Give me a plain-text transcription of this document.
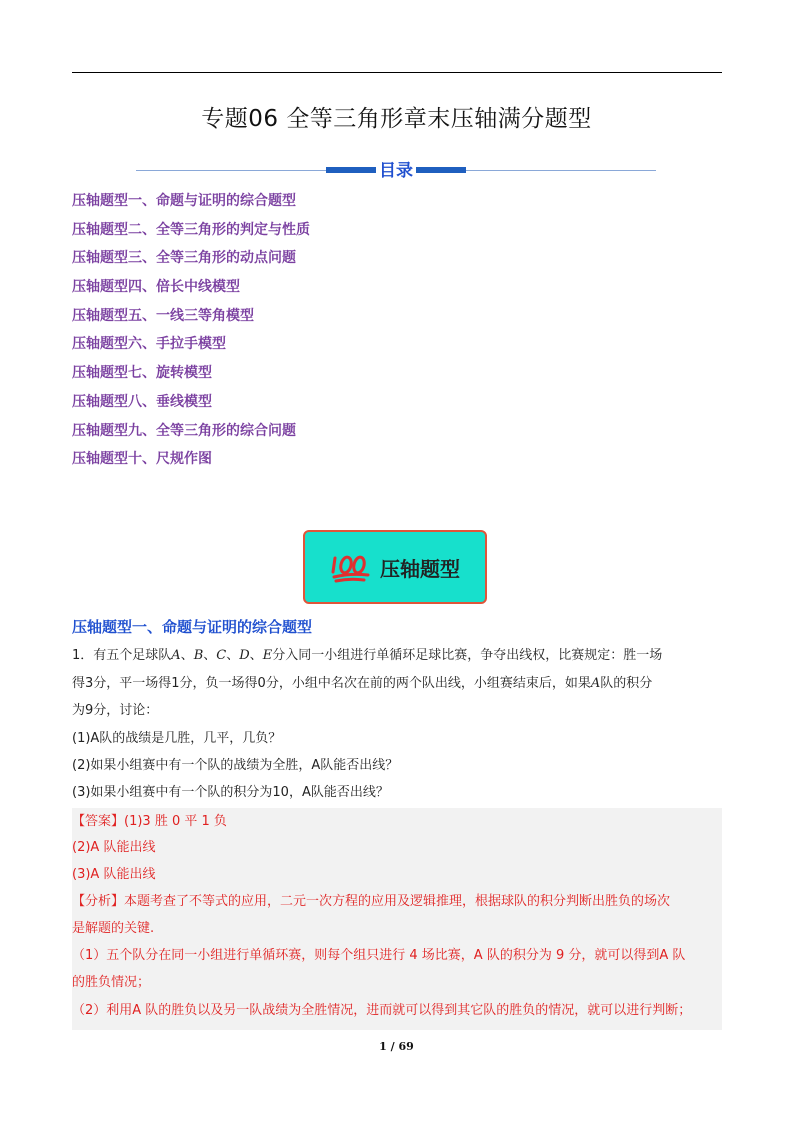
专题06 全等三角形章末压轴满分题型
目录
压轴题型一、命题与证明的综合题型
压轴题型二、全等三角形的判定与性质
压轴题型三、全等三角形的动点问题
压轴题型四、倍长中线模型
压轴题型五、一线三等角模型
压轴题型六、手拉手模型
压轴题型七、旋转模型
压轴题型八、垂线模型
压轴题型九、全等三角形的综合问题
压轴题型十、尺规作图
压轴题型
压轴题型一、命题与证明的综合题型
1．有五个足球队A、B、C、D、E分入同一小组进行单循环足球比赛，争夺出线权，比赛规定：胜一场
得3分，平一场得1分，负一场得0分，小组中名次在前的两个队出线，小组赛结束后，如果A队的积分
为9分，讨论：
(1)A队的战绩是几胜，几平，几负？
(2)如果小组赛中有一个队的战绩为全胜，A队能否出线？
(3)如果小组赛中有一个队的积分为10，A队能否出线？
【答案】(1)3 胜 0 平 1 负
(2)A 队能出线
(3)A 队能出线
【分析】本题考查了不等式的应用，二元一次方程的应用及逻辑推理，根据球队的积分判断出胜负的场次
是解题的关键.
（1）五个队分在同一小组进行单循环赛，则每个组只进行 4 场比赛，A 队的积分为 9 分，就可以得到A 队
的胜负情况；
（2）利用A 队的胜负以及另一队战绩为全胜情况，进而就可以得到其它队的胜负的情况，就可以进行判断；
1 / 69
